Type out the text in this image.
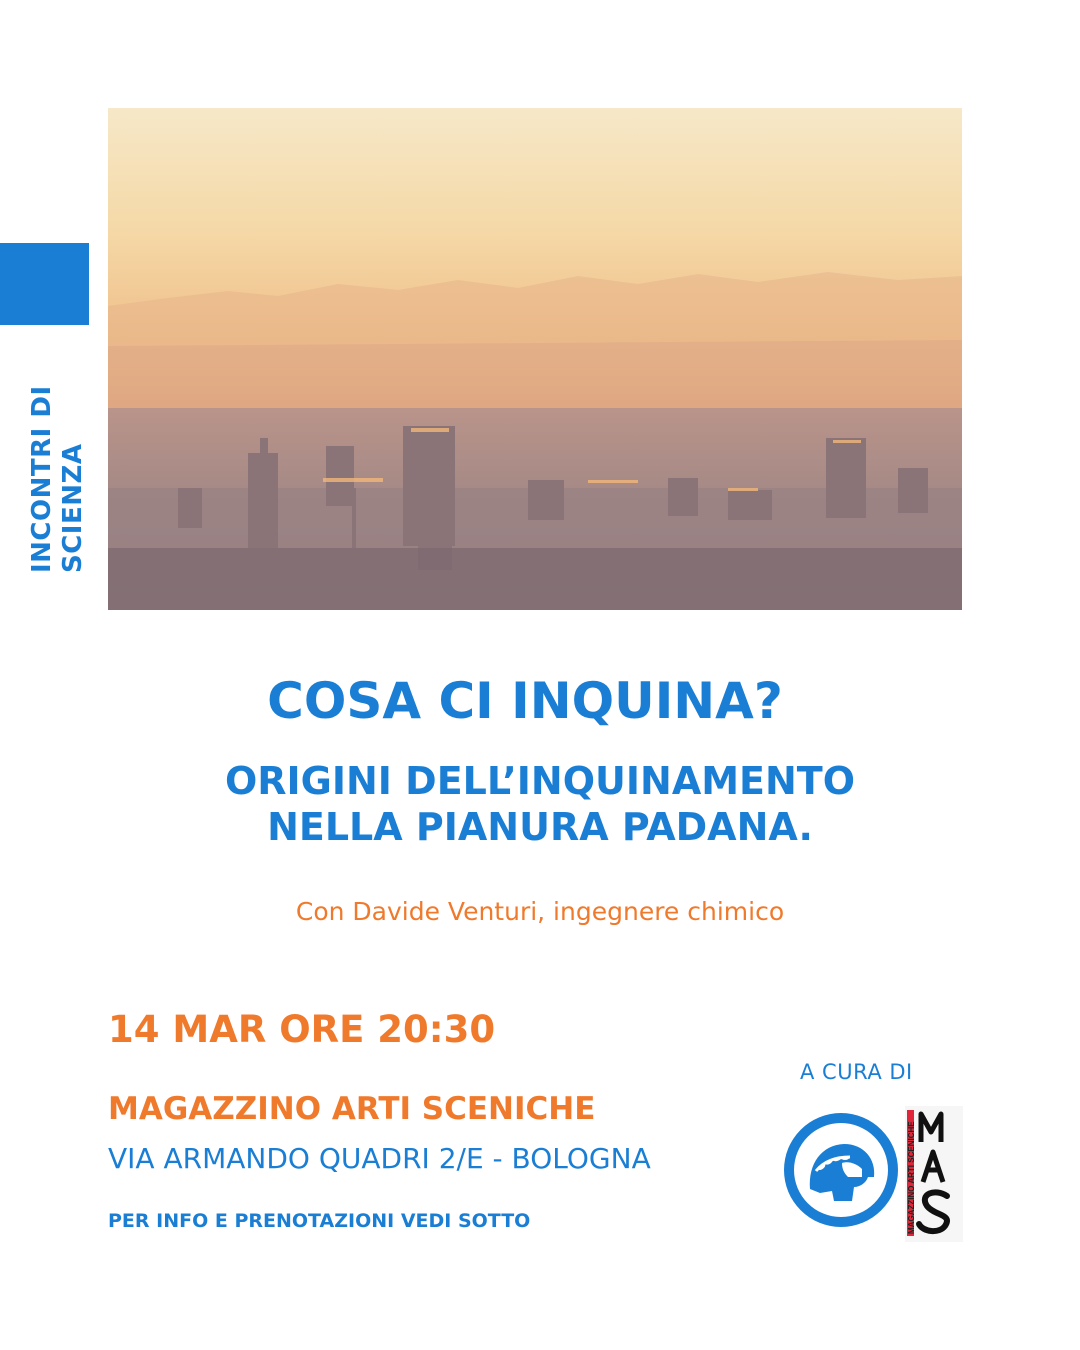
INCONTRI DI SCIENZA
COSA CI INQUINA?
ORIGINI DELL’INQUINAMENTO
NELLA PIANURA PADANA.
Con Davide Venturi, ingegnere chimico
14 MAR ORE 20:30
MAGAZZINO ARTI SCENICHE
VIA ARMANDO QUADRI 2/E - BOLOGNA
PER INFO E PRENOTAZIONI VEDI SOTTO
A CURA DI
MAGAZZINO ARTI SCENICHE
